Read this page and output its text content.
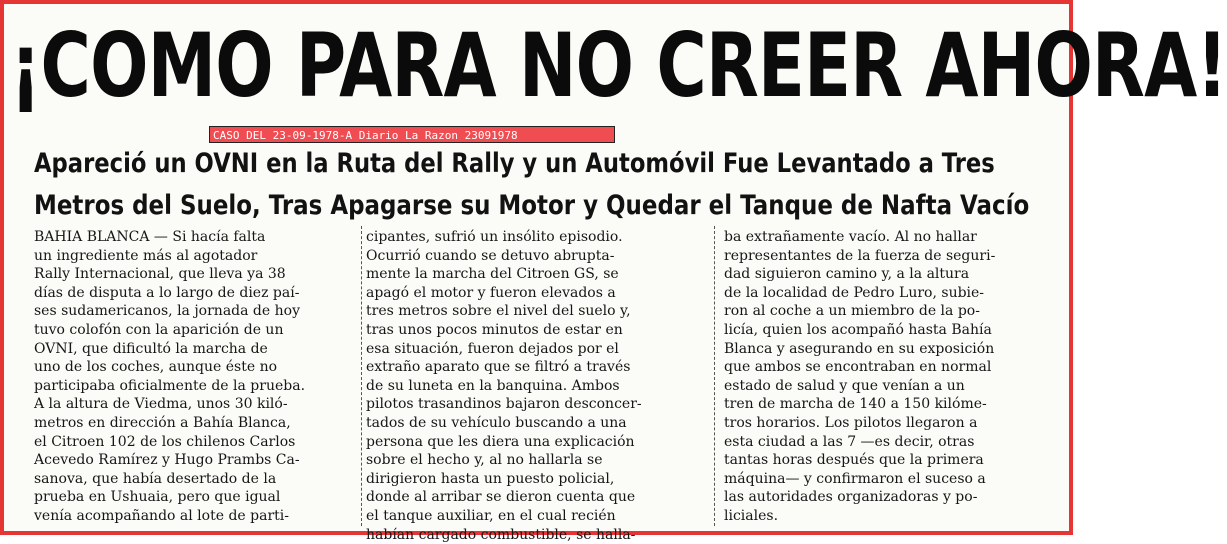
¡COMO PARA NO CREER AHORA!
CASO DEL 23-09-1978-A Diario La Razon 23091978
Apareció un OVNI en la Ruta del Rally y un Automóvil Fue Levantado a Tres
Metros del Suelo, Tras Apagarse su Motor y Quedar el Tanque de Nafta Vacío
BAHIA BLANCA — Si hacía falta
un ingrediente más al agotador
Rally Internacional, que lleva ya 38
días de disputa a lo largo de diez paí-
ses sudamericanos, la jornada de hoy
tuvo colofón con la aparición de un
OVNI, que dificultó la marcha de
uno de los coches, aunque éste no
participaba oficialmente de la prueba.
A la altura de Viedma, unos 30 kiló-
metros en dirección a Bahía Blanca,
el Citroen 102 de los chilenos Carlos
Acevedo Ramírez y Hugo Prambs Ca-
sanova, que había desertado de la
prueba en Ushuaia, pero que igual
venía acompañando al lote de parti-
cipantes, sufrió un insólito episodio.
Ocurrió cuando se detuvo abrupta-
mente la marcha del Citroen GS, se
apagó el motor y fueron elevados a
tres metros sobre el nivel del suelo y,
tras unos pocos minutos de estar en
esa situación, fueron dejados por el
extraño aparato que se filtró a través
de su luneta en la banquina. Ambos
pilotos trasandinos bajaron desconcer-
tados de su vehículo buscando a una
persona que les diera una explicación
sobre el hecho y, al no hallarla se
dirigieron hasta un puesto policial,
donde al arribar se dieron cuenta que
el tanque auxiliar, en el cual recién
habían cargado combustible, se halla-
ba extrañamente vacío. Al no hallar
representantes de la fuerza de seguri-
dad siguieron camino y, a la altura
de la localidad de Pedro Luro, subie-
ron al coche a un miembro de la po-
licía, quien los acompañó hasta Bahía
Blanca y asegurando en su exposición
que ambos se encontraban en normal
estado de salud y que venían a un
tren de marcha de 140 a 150 kilóme-
tros horarios. Los pilotos llegaron a
esta ciudad a las 7 —es decir, otras
tantas horas después que la primera
máquina— y confirmaron el suceso a
las autoridades organizadoras y po-
liciales.
